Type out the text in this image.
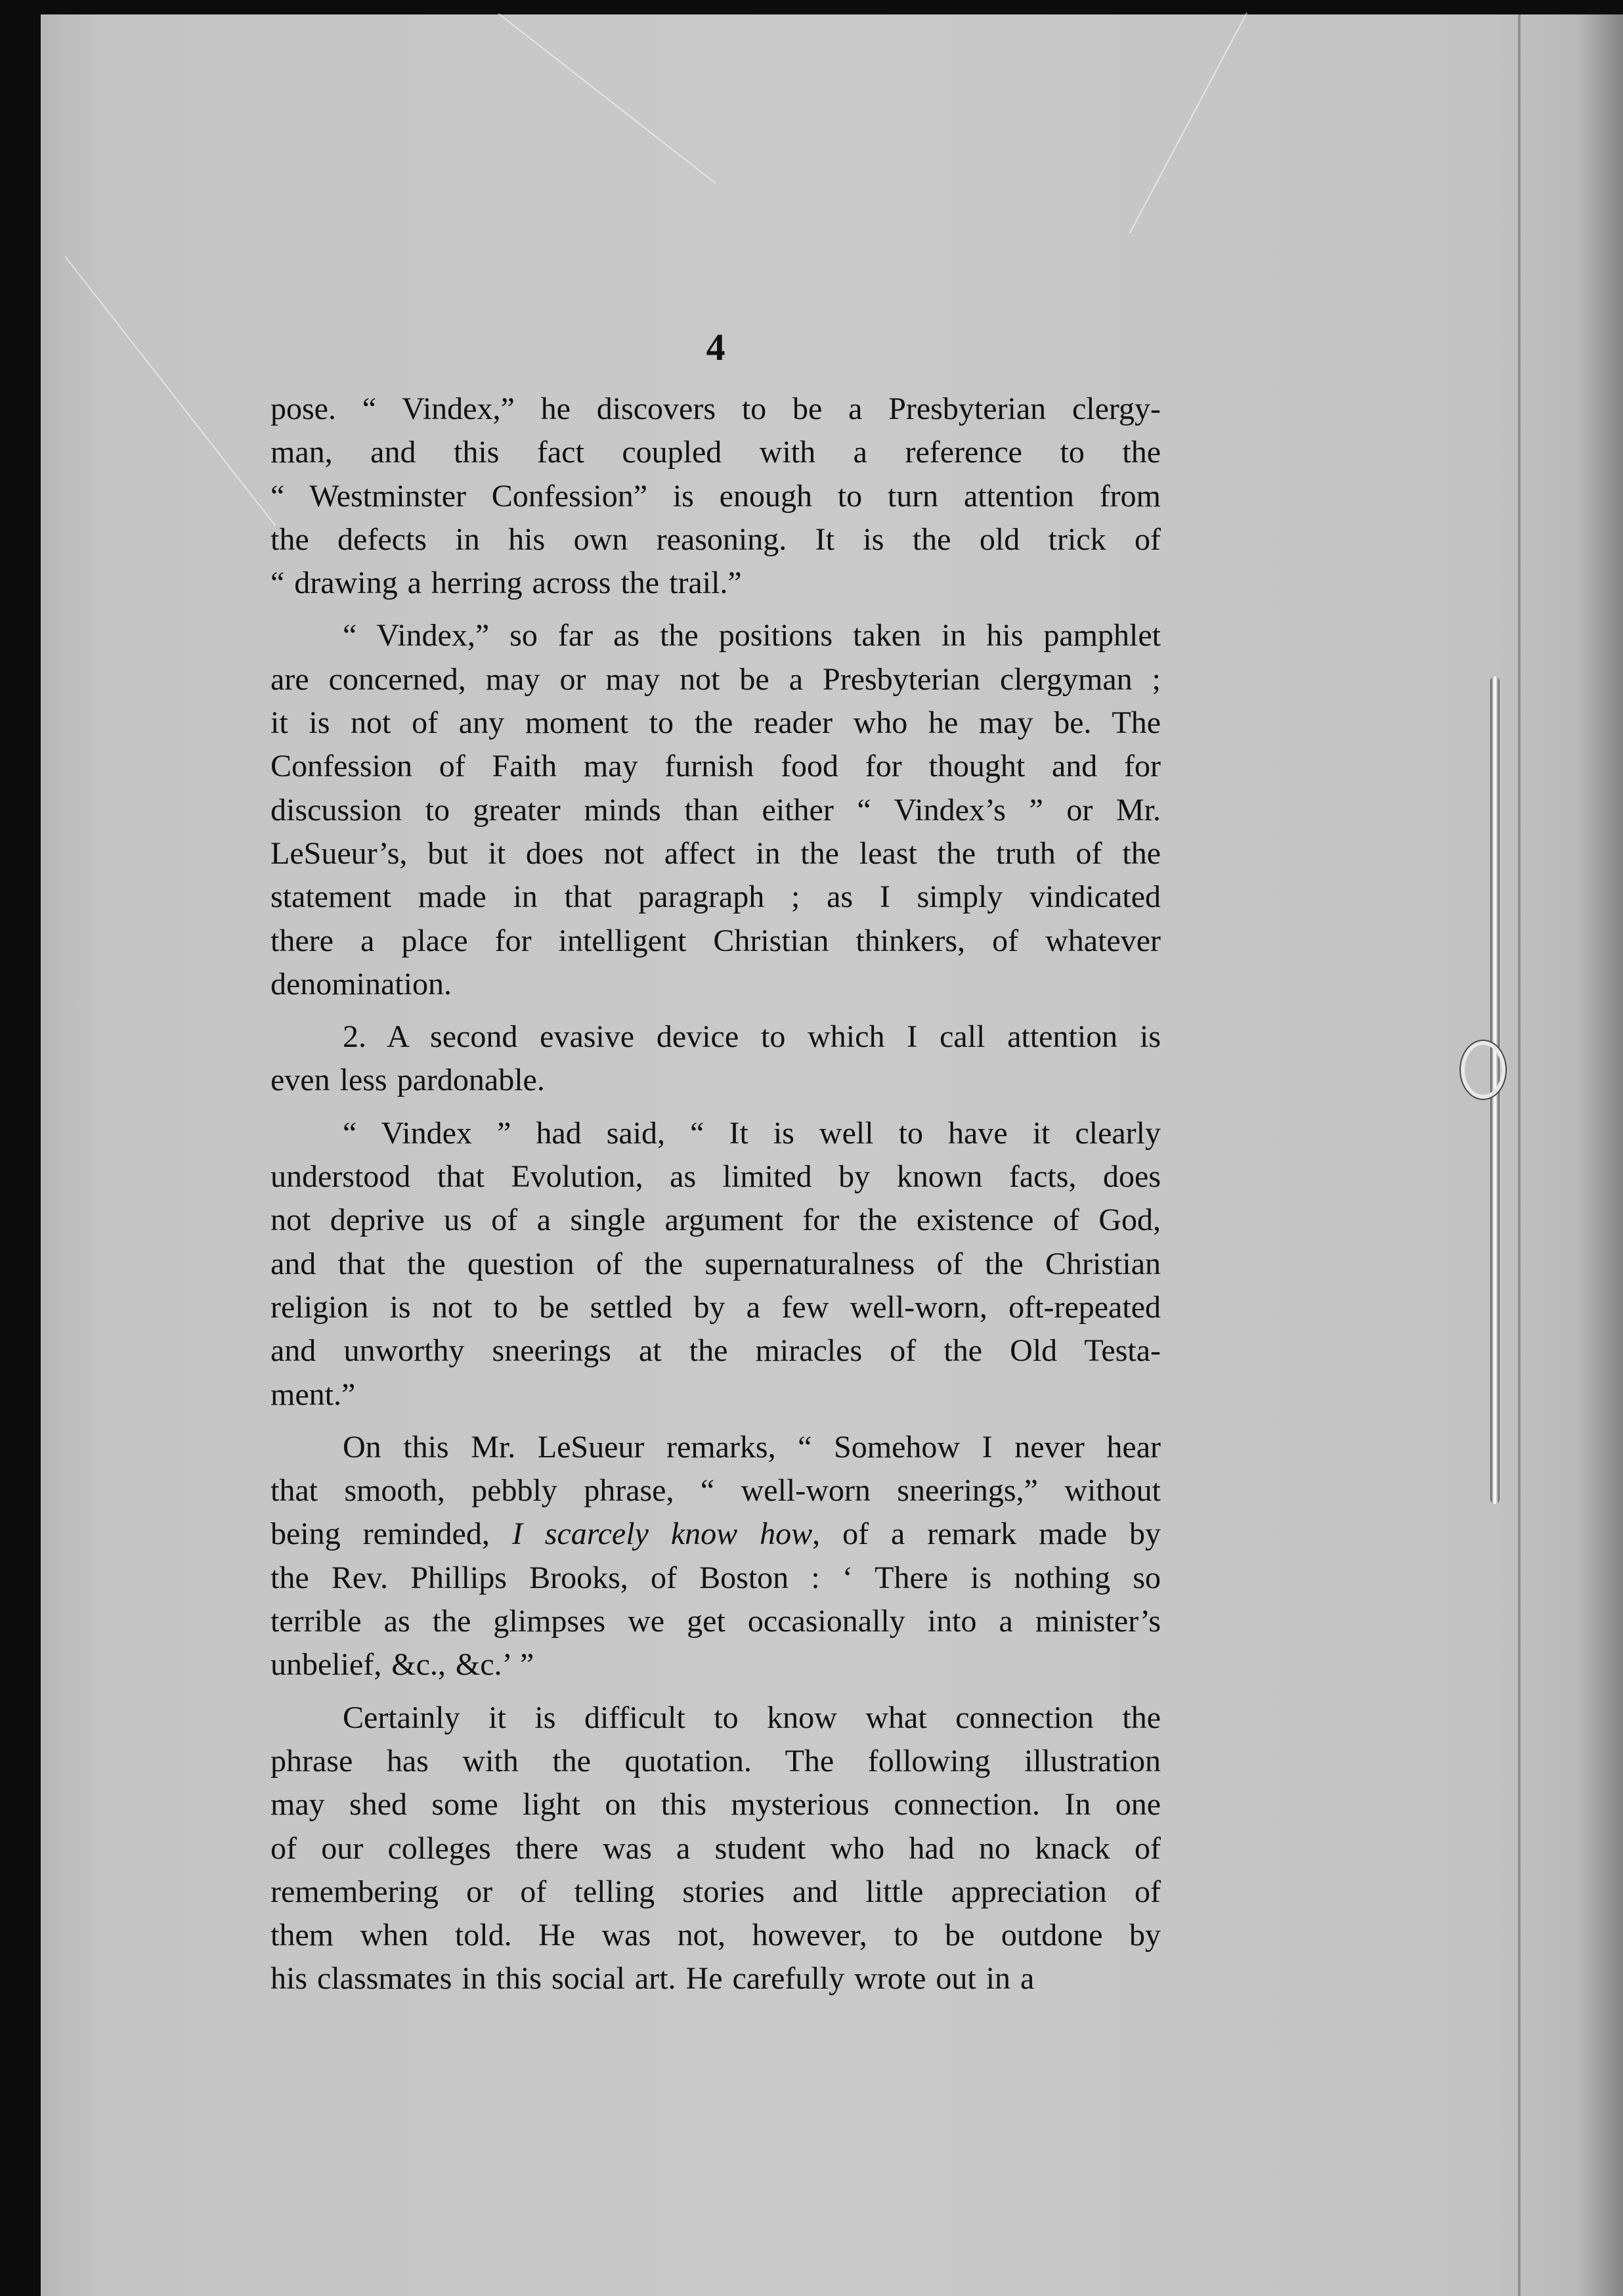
4
pose. “ Vindex,” he discovers to be a Presbyterian clergy-
man, and this fact coupled with a reference to the
“ Westminster Confession” is enough to turn attention from
the defects in his own reasoning. It is the old trick of
“ drawing a herring across the trail.”
“ Vindex,” so far as the positions taken in his pamphlet
are concerned, may or may not be a Presbyterian clergyman ;
it is not of any moment to the reader who he may be. The
Confession of Faith may furnish food for thought and for
discussion to greater minds than either “ Vindex’s ” or Mr.
LeSueur’s, but it does not affect in the least the truth of the
statement made in that paragraph ; as I simply vindicated
there a place for intelligent Christian thinkers, of whatever
denomination.
2. A second evasive device to which I call attention is
even less pardonable.
“ Vindex ” had said, “ It is well to have it clearly
understood that Evolution, as limited by known facts, does
not deprive us of a single argument for the existence of God,
and that the question of the supernaturalness of the Christian
religion is not to be settled by a few well-worn, oft-repeated
and unworthy sneerings at the miracles of the Old Testa-
ment.”
On this Mr. LeSueur remarks, “ Somehow I never hear
that smooth, pebbly phrase, “ well-worn sneerings,” without
being reminded, I scarcely know how, of a remark made by
the Rev. Phillips Brooks, of Boston : ‘ There is nothing so
terrible as the glimpses we get occasionally into a minister’s
unbelief, &c., &c.’ ”
Certainly it is difficult to know what connection the
phrase has with the quotation. The following illustration
may shed some light on this mysterious connection. In one
of our colleges there was a student who had no knack of
remembering or of telling stories and little appreciation of
them when told. He was not, however, to be outdone by
his classmates in this social art. He carefully wrote out in a
